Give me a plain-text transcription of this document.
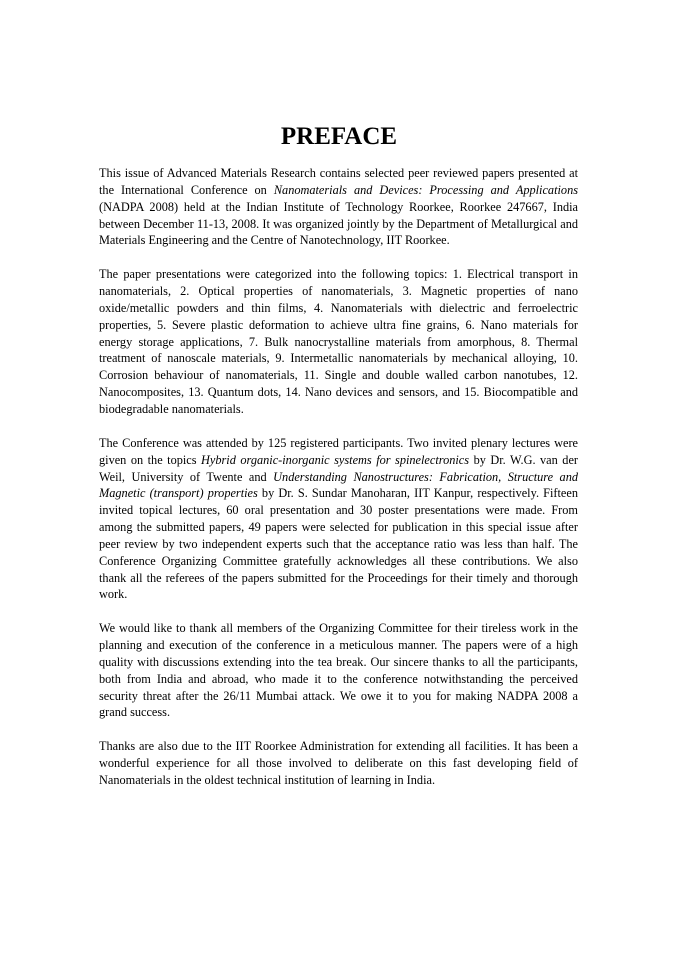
PREFACE

This issue of Advanced Materials Research contains selected peer reviewed papers presented at the International Conference on Nanomaterials and Devices: Processing and Applications (NADPA 2008) held at the Indian Institute of Technology Roorkee, Roorkee 247667, India between December 11-13, 2008. It was organized jointly by the Department of Metallurgical and Materials Engineering and the Centre of Nanotechnology, IIT Roorkee.

The paper presentations were categorized into the following topics: 1. Electrical transport in nanomaterials, 2. Optical properties of nanomaterials, 3. Magnetic properties of nano oxide/metallic powders and thin films, 4. Nanomaterials with dielectric and ferroelectric properties, 5. Severe plastic deformation to achieve ultra fine grains, 6. Nano materials for energy storage applications, 7. Bulk nanocrystalline materials from amorphous, 8. Thermal treatment of nanoscale materials, 9. Intermetallic nanomaterials by mechanical alloying, 10. Corrosion behaviour of nanomaterials, 11. Single and double walled carbon nanotubes, 12. Nanocomposites, 13. Quantum dots, 14. Nano devices and sensors, and 15. Biocompatible and biodegradable nanomaterials.

The Conference was attended by 125 registered participants. Two invited plenary lectures were given on the topics Hybrid organic-inorganic systems for spinelectronics by Dr. W.G. van der Weil, University of Twente and Understanding Nanostructures: Fabrication, Structure and Magnetic (transport) properties by Dr. S. Sundar Manoharan, IIT Kanpur, respectively. Fifteen invited topical lectures, 60 oral presentation and 30 poster presentations were made. From among the submitted papers, 49 papers were selected for publication in this special issue after peer review by two independent experts such that the acceptance ratio was less than half. The Conference Organizing Committee gratefully acknowledges all these contributions. We also thank all the referees of the papers submitted for the Proceedings for their timely and thorough work.

We would like to thank all members of the Organizing Committee for their tireless work in the planning and execution of the conference in a meticulous manner. The papers were of a high quality with discussions extending into the tea break. Our sincere thanks to all the participants, both from India and abroad, who made it to the conference notwithstanding the perceived security threat after the 26/11 Mumbai attack. We owe it to you for making NADPA 2008 a grand success.

Thanks are also due to the IIT Roorkee Administration for extending all facilities. It has been a wonderful experience for all those involved to deliberate on this fast developing field of Nanomaterials in the oldest technical institution of learning in India.
